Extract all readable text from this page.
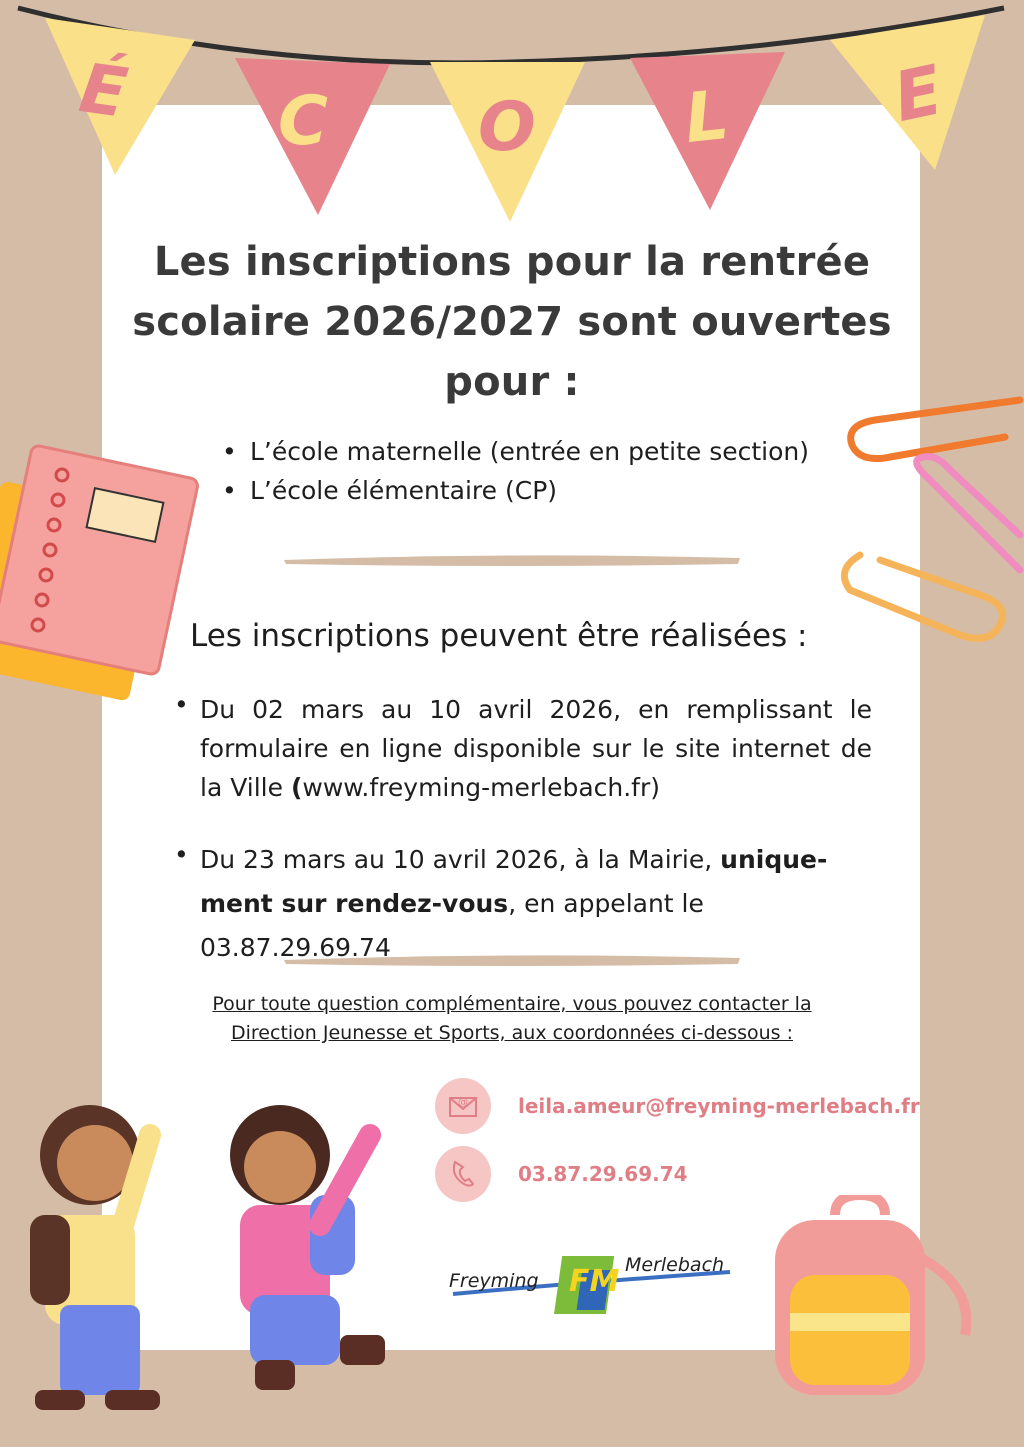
É C O L E
Les inscriptions pour la rentrée
scolaire 2026/2027 sont ouvertes
pour :
• L’école maternelle (entrée en petite section)
• L’école élémentaire (CP)
Les inscriptions peuvent être réalisées :
• Du 02 mars au 10 avril 2026, en remplissant le formulaire en ligne disponible sur le site internet de la Ville (www.freyming-merlebach.fr)
• Du 23 mars au 10 avril 2026, à la Mairie, unique-ment sur rendez-vous, en appelant le
03.87.29.69.74
Pour toute question complémentaire, vous pouvez contacter la
Direction Jeunesse et Sports, aux coordonnées ci-dessous :
@	leila.ameur@freyming-merlebach.fr
03.87.29.69.74
Freyming FM Merlebach
